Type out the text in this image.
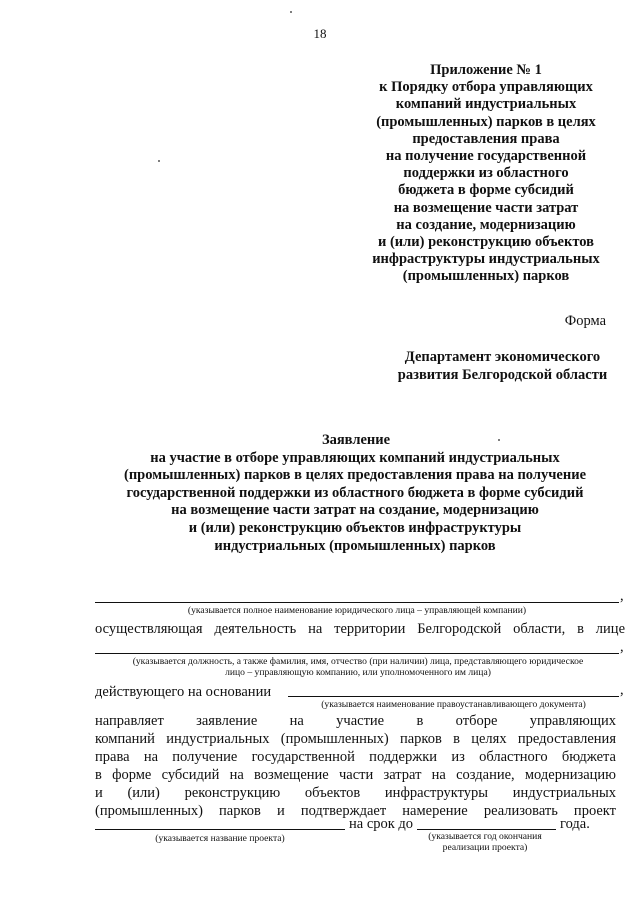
18
Приложение № 1
к Порядку отбора управляющих
компаний индустриальных
(промышленных) парков в целях
предоставления права
на получение государственной
поддержки из областного
бюджета в форме субсидий
на возмещение части затрат
на создание, модернизацию
и (или) реконструкцию объектов
инфраструктуры индустриальных
(промышленных) парков
Форма
Департамент экономического
развития Белгородской области
Заявление
на участие в отборе управляющих компаний индустриальных
(промышленных) парков в целях предоставления права на получение
государственной поддержки из областного бюджета в форме субсидий
на возмещение части затрат на создание, модернизацию
и (или) реконструкцию объектов инфраструктуры
индустриальных (промышленных) парков
,
(указывается полное наименование юридического лица – управляющей компании)
осуществляющая деятельность на территории Белгородской области, в лице
,
(указывается должность, а также фамилия, имя, отчество (при наличии) лица, представляющего юридическое
лицо – управляющую компанию, или уполномоченного им лица)
действующего на основании	,
(указывается наименование правоустанавливающего документа)
направляет заявление на участие в отборе управляющих
компаний индустриальных (промышленных) парков в целях предоставления
права на получение государственной поддержки из областного бюджета
в форме субсидий на возмещение части затрат на создание, модернизацию
и (или) реконструкцию объектов инфраструктуры индустриальных
(промышленных) парков и подтверждает намерение реализовать проект
на срок до	года.
(указывается название проекта)	(указывается год окончания
реализации проекта)
